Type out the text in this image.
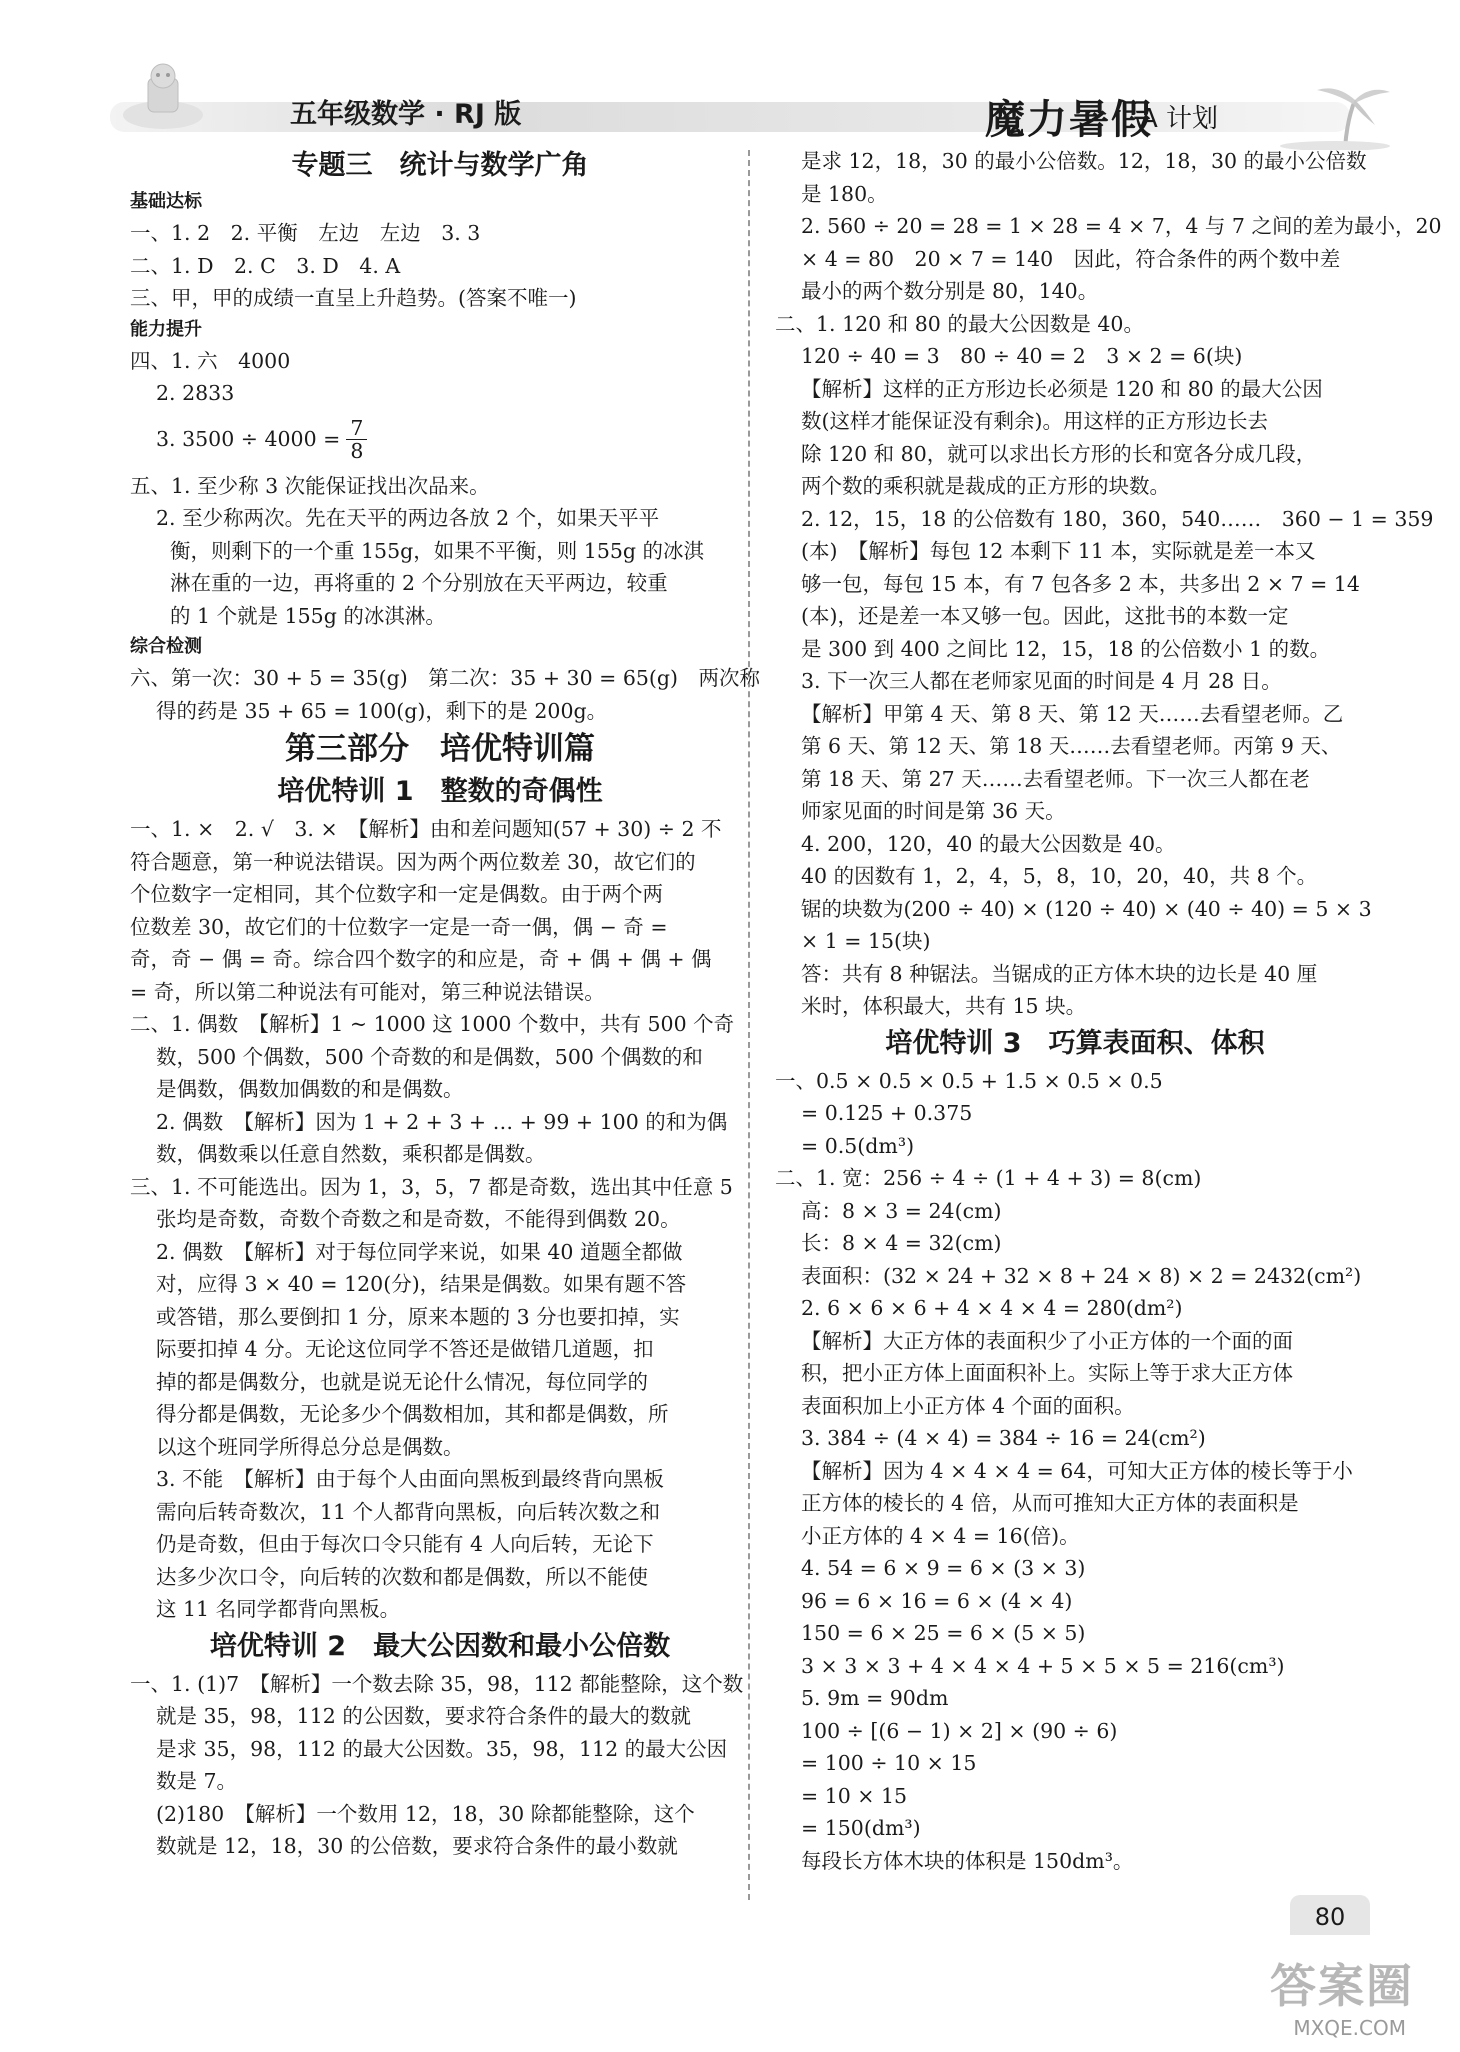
五年级数学 · RJ 版	魔力暑假
A 计划
专题三　统计与数学广角
基础达标
一、1. 2　2. 平衡　左边　左边　3. 3
二、1. D　2. C　3. D　4. A
三、甲，甲的成绩一直呈上升趋势。(答案不唯一)
能力提升
四、1. 六　4000
2. 2833
3. $3500 \div 4000 = \frac{7}{8}$
五、1. 至少称 3 次能保证找出次品来。
2. 至少称两次。先在天平的两边各放 2 个，如果天平平
衡，则剩下的一个重 155g，如果不平衡，则 155g 的冰淇
淋在重的一边，再将重的 2 个分别放在天平两边，较重
的 1 个就是 155g 的冰淇淋。
综合检测
六、第一次：30 + 5 = 35(g)　第二次：35 + 30 = 65(g)　两次称
得的药是 35 + 65 = 100(g)，剩下的是 200g。
第三部分　培优特训篇
培优特训 1　整数的奇偶性
一、1. ×　2. √　3. ×　【解析】由和差问题知(57 + 30) ÷ 2 不
符合题意，第一种说法错误。因为两个两位数差 30，故它们的
个位数字一定相同，其个位数字和一定是偶数。由于两个两
位数差 30，故它们的十位数字一定是一奇一偶，偶 − 奇 =
奇，奇 − 偶 = 奇。综合四个数字的和应是，奇 + 偶 + 偶 + 偶
= 奇，所以第二种说法有可能对，第三种说法错误。
二、1. 偶数　【解析】1 ~ 1000 这 1000 个数中，共有 500 个奇
数，500 个偶数，500 个奇数的和是偶数，500 个偶数的和
是偶数，偶数加偶数的和是偶数。
2. 偶数　【解析】因为 1 + 2 + 3 + … + 99 + 100 的和为偶
数，偶数乘以任意自然数，乘积都是偶数。
三、1. 不可能选出。因为 1，3，5，7 都是奇数，选出其中任意 5
张均是奇数，奇数个奇数之和是奇数，不能得到偶数 20。
2. 偶数　【解析】对于每位同学来说，如果 40 道题全都做
对，应得 3 × 40 = 120(分)，结果是偶数。如果有题不答
或答错，那么要倒扣 1 分，原来本题的 3 分也要扣掉，实
际要扣掉 4 分。无论这位同学不答还是做错几道题，扣
掉的都是偶数分，也就是说无论什么情况，每位同学的
得分都是偶数，无论多少个偶数相加，其和都是偶数，所
以这个班同学所得总分总是偶数。
3. 不能　【解析】由于每个人由面向黑板到最终背向黑板
需向后转奇数次，11 个人都背向黑板，向后转次数之和
仍是奇数，但由于每次口令只能有 4 人向后转，无论下
达多少次口令，向后转的次数和都是偶数，所以不能使
这 11 名同学都背向黑板。
培优特训 2　最大公因数和最小公倍数
一、1. (1)7　【解析】一个数去除 35，98，112 都能整除，这个数
就是 35，98，112 的公因数，要求符合条件的最大的数就
是求 35，98，112 的最大公因数。35，98，112 的最大公因
数是 7。
(2)180　【解析】一个数用 12，18，30 除都能整除，这个
数就是 12，18，30 的公倍数，要求符合条件的最小数就
是求 12，18，30 的最小公倍数。12，18，30 的最小公倍数
是 180。
2. 560 ÷ 20 = 28 = 1 × 28 = 4 × 7，4 与 7 之间的差为最小，20
× 4 = 80　20 × 7 = 140　因此，符合条件的两个数中差
最小的两个数分别是 80，140。
二、1. 120 和 80 的最大公因数是 40。
120 ÷ 40 = 3　80 ÷ 40 = 2　3 × 2 = 6(块)
【解析】这样的正方形边长必须是 120 和 80 的最大公因
数(这样才能保证没有剩余)。用这样的正方形边长去
除 120 和 80，就可以求出长方形的长和宽各分成几段，
两个数的乘积就是裁成的正方形的块数。
2. 12，15，18 的公倍数有 180，360，540……　360 − 1 = 359
(本)　【解析】每包 12 本剩下 11 本，实际就是差一本又
够一包，每包 15 本，有 7 包各多 2 本，共多出 2 × 7 = 14
(本)，还是差一本又够一包。因此，这批书的本数一定
是 300 到 400 之间比 12，15，18 的公倍数小 1 的数。
3. 下一次三人都在老师家见面的时间是 4 月 28 日。
【解析】甲第 4 天、第 8 天、第 12 天……去看望老师。乙
第 6 天、第 12 天、第 18 天……去看望老师。丙第 9 天、
第 18 天、第 27 天……去看望老师。下一次三人都在老
师家见面的时间是第 36 天。
4. 200，120，40 的最大公因数是 40。
40 的因数有 1，2，4，5，8，10，20，40，共 8 个。
锯的块数为(200 ÷ 40) × (120 ÷ 40) × (40 ÷ 40) = 5 × 3
× 1 = 15(块)
答：共有 8 种锯法。当锯成的正方体木块的边长是 40 厘
米时，体积最大，共有 15 块。
培优特训 3　巧算表面积、体积
一、0.5 × 0.5 × 0.5 + 1.5 × 0.5 × 0.5
= 0.125 + 0.375
= 0.5(dm³)
二、1. 宽：256 ÷ 4 ÷ (1 + 4 + 3) = 8(cm)
高：8 × 3 = 24(cm)
长：8 × 4 = 32(cm)
表面积：(32 × 24 + 32 × 8 + 24 × 8) × 2 = 2432(cm²)
2. 6 × 6 × 6 + 4 × 4 × 4 = 280(dm²)
【解析】大正方体的表面积少了小正方体的一个面的面
积，把小正方体上面面积补上。实际上等于求大正方体
表面积加上小正方体 4 个面的面积。
3. 384 ÷ (4 × 4) = 384 ÷ 16 = 24(cm²)
【解析】因为 4 × 4 × 4 = 64，可知大正方体的棱长等于小
正方体的棱长的 4 倍，从而可推知大正方体的表面积是
小正方体的 4 × 4 = 16(倍)。
4. 54 = 6 × 9 = 6 × (3 × 3)
96 = 6 × 16 = 6 × (4 × 4)
150 = 6 × 25 = 6 × (5 × 5)
3 × 3 × 3 + 4 × 4 × 4 + 5 × 5 × 5 = 216(cm³)
5. 9m = 90dm
100 ÷ [(6 − 1) × 2] × (90 ÷ 6)
= 100 ÷ 10 × 15
= 10 × 15
= 150(dm³)
每段长方体木块的体积是 150dm³。
80
答案圈
MXQE.COM
